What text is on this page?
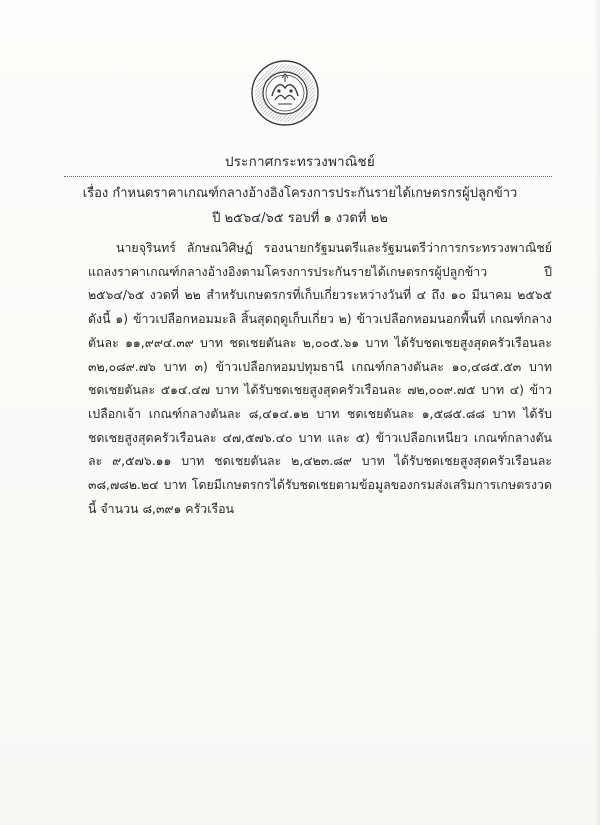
ประกาศกระทรวงพาณิชย์
เรื่อง กำหนดราคาเกณฑ์กลางอ้างอิงโครงการประกันรายได้เกษตรกรผู้ปลูกข้าว
ปี ๒๕๖๔/๖๕ รอบที่ ๑ งวดที่ ๒๒
นายจุรินทร์ ลักษณวิศิษฏ์ รองนายกรัฐมนตรีและรัฐมนตรีว่าการกระทรวงพาณิชย์ แถลงราคาเกณฑ์กลางอ้างอิงตามโครงการประกันรายได้เกษตรกรผู้ปลูกข้าว ปี ๒๕๖๔/๖๕ งวดที่ ๒๒ สำหรับเกษตรกรที่เก็บเกี่ยวระหว่างวันที่ ๔ ถึง ๑๐ มีนาคม ๒๕๖๕ ดังนี้ ๑) ข้าวเปลือกหอมมะลิ สิ้นสุดฤดูเก็บเกี่ยว ๒) ข้าวเปลือกหอมนอกพื้นที่ เกณฑ์กลางตันละ ๑๑,๙๙๔.๓๙ บาท ชดเชยตันละ ๒,๐๐๕.๖๑ บาท ได้รับชดเชยสูงสุดครัวเรือนละ ๓๒,๐๘๙.๗๖ บาท ๓) ข้าวเปลือกหอมปทุมธานี เกณฑ์กลางตันละ ๑๐,๔๘๕.๕๓ บาท ชดเชยตันละ ๕๑๔.๔๗ บาท ได้รับชดเชยสูงสุดครัวเรือนละ ๗๒,๐๐๙.๗๕ บาท ๔) ข้าวเปลือกเจ้า เกณฑ์กลางตันละ ๘,๔๑๔.๑๒ บาท ชดเชยตันละ ๑,๕๘๕.๘๘ บาท ได้รับชดเชยสูงสุดครัวเรือนละ ๔๗,๕๗๖.๔๐ บาท และ ๕) ข้าวเปลือกเหนียว เกณฑ์กลางตันละ ๙,๕๗๖.๑๑ บาท ชดเชยตันละ ๒,๔๒๓.๘๙ บาท ได้รับชดเชยสูงสุดครัวเรือนละ ๓๘,๗๘๒.๒๔ บาท โดยมีเกษตรกรได้รับชดเชยตามข้อมูลของกรมส่งเสริมการเกษตรงวดนี้ จำนวน ๘,๓๙๑ ครัวเรือน
